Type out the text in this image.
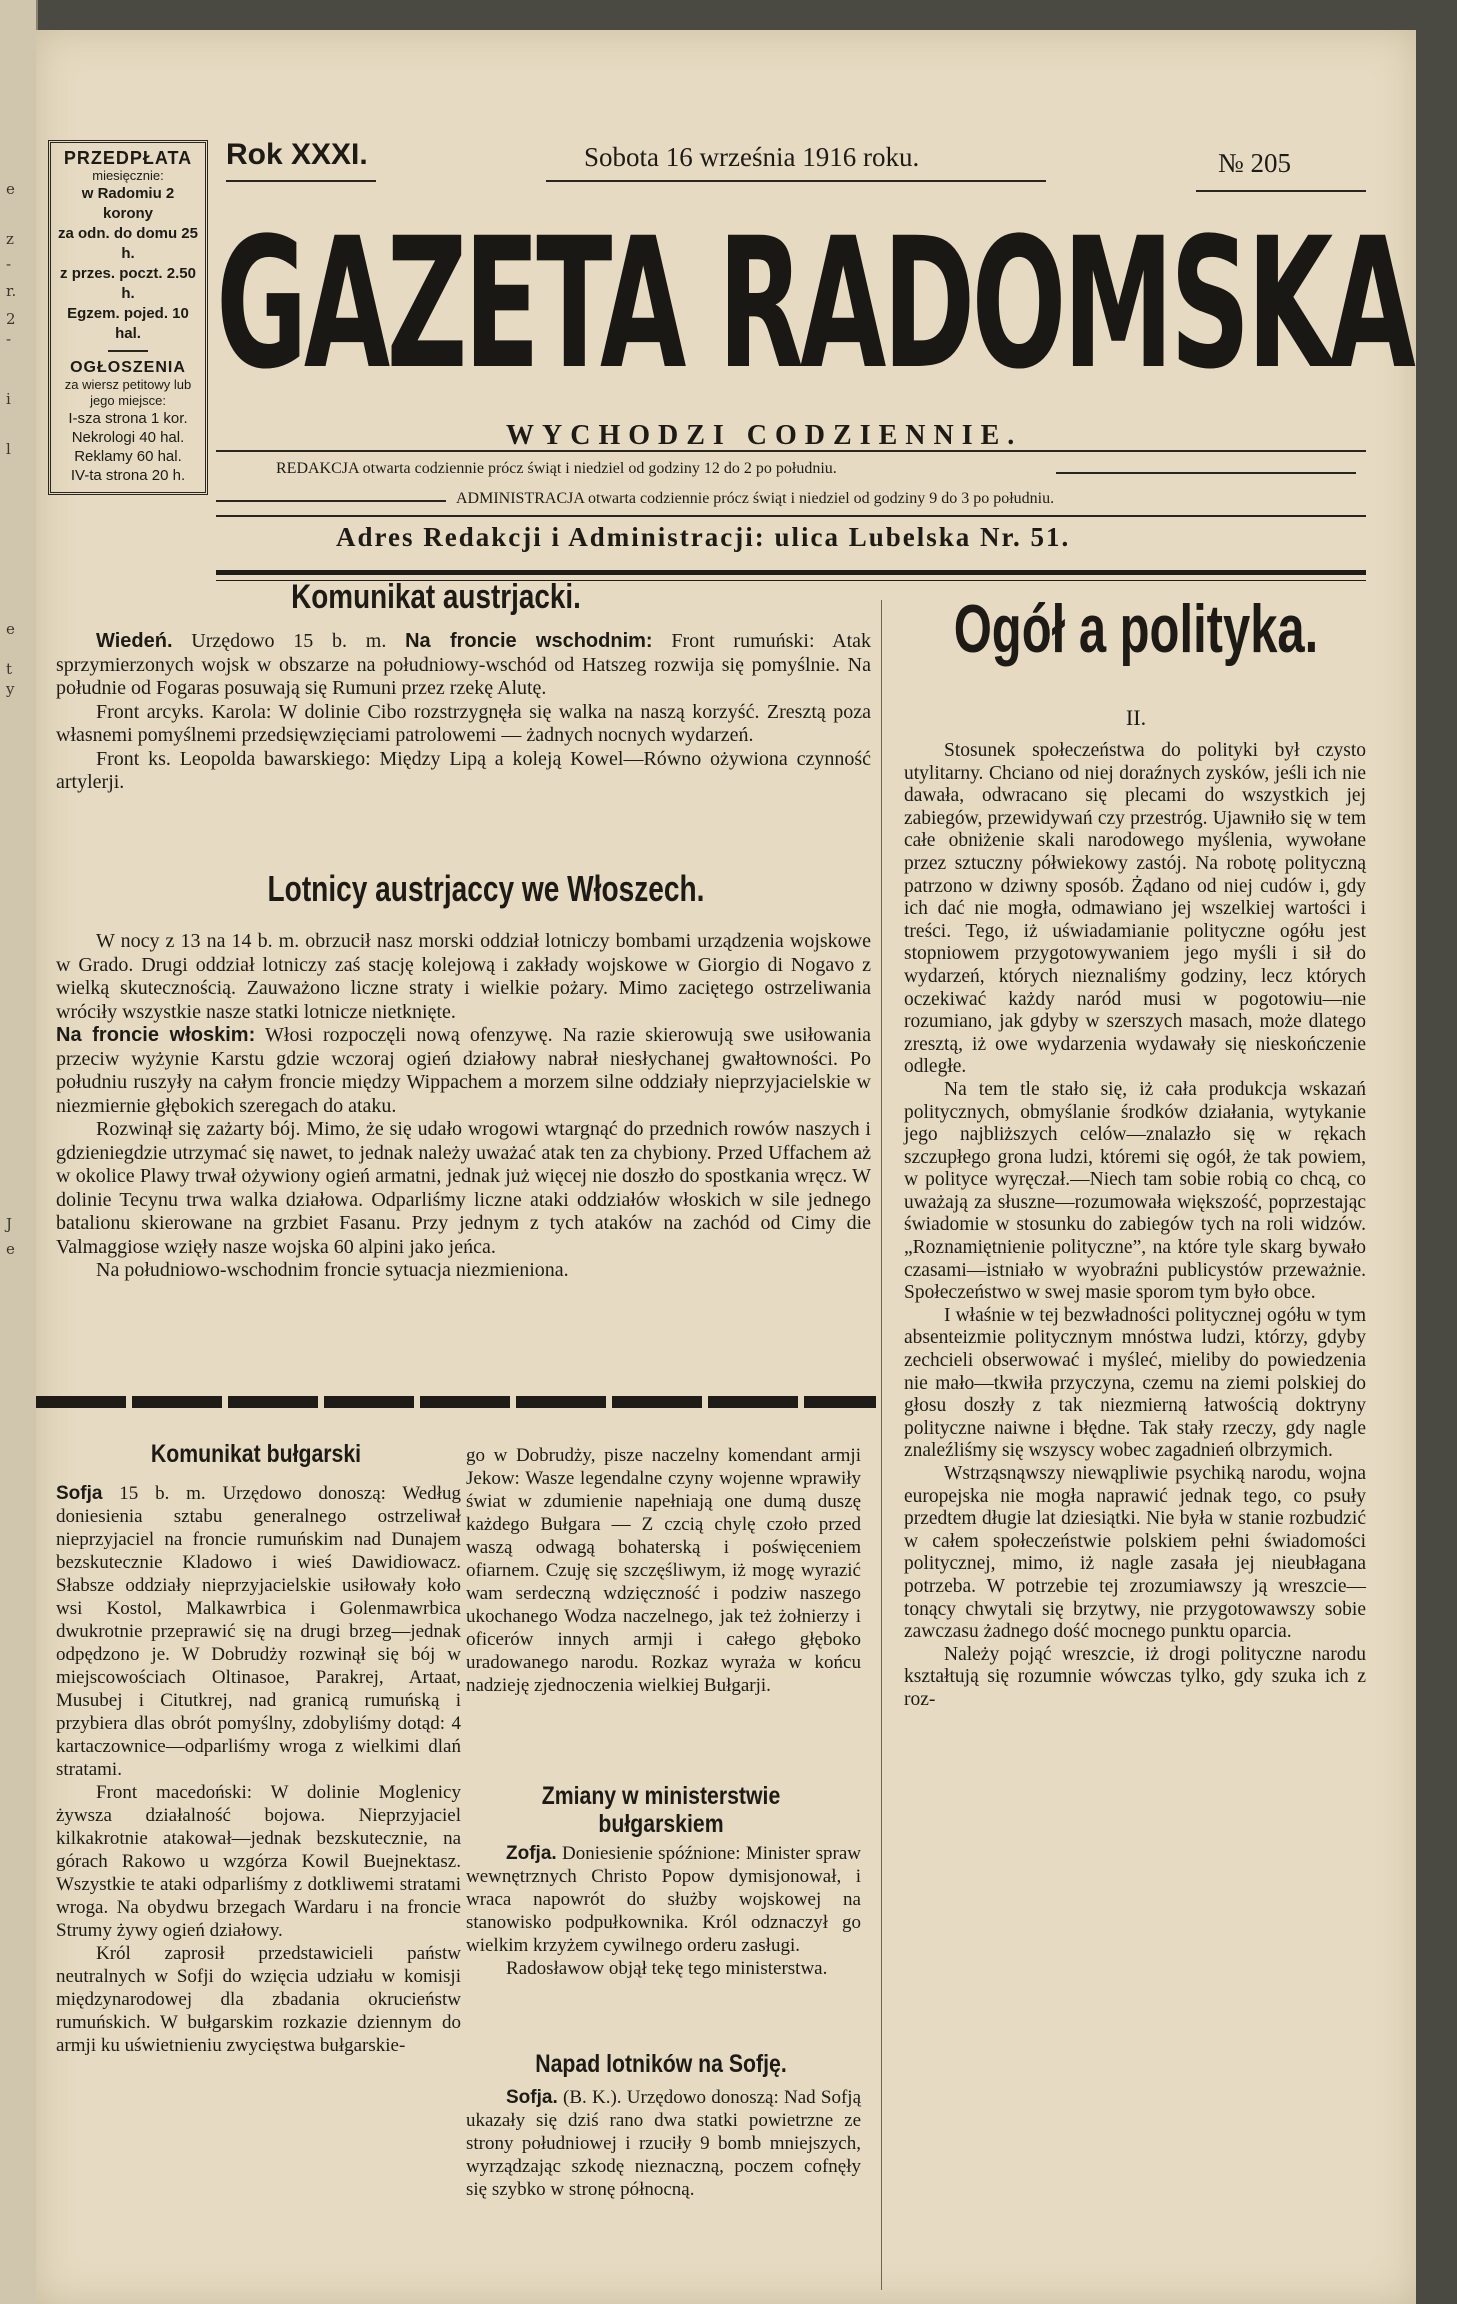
e
z
-
r.
2
-
i
l
e
t
y
J
e
PRZEDPŁATA
miesięcznie:
w Radomiu 2 korony
za odn. do domu 25 h.
z przes. poczt. 2.50 h.
Egzem. pojed. 10 hal.
OGŁOSZENIA
za wiersz petitowy lub jego miejsce:
I-sza strona 1 kor.
Nekrologi 40 hal.
Reklamy 60 hal.
IV-ta strona 20 h.
Rok XXXI.	Sobota 16 września 1916 roku.	№ 205
GAZETA RADOMSKA
WYCHODZI CODZIENNIE.
REDAKCJA otwarta codziennie prócz świąt i niedziel od godziny 12 do 2 po południu.
ADMINISTRACJA otwarta codziennie prócz świąt i niedziel od godziny 9 do 3 po południu.
Adres Redakcji i Administracji: ulica Lubelska Nr. 51.
Komunikat austrjacki.

Wiedeń. Urzędowo 15 b. m. Na froncie wschodnim: Front rumuński: Atak sprzymierzonych wojsk w obszarze na południowy-wschód od Hatszeg rozwija się pomyślnie. Na południe od Fogaras posuwają się Rumuni przez rzekę Alutę.

Front arcyks. Karola: W dolinie Cibo rozstrzygnęła się walka na naszą korzyść. Zresztą poza własnemi pomyślnemi przedsięwzięciami patrolowemi — żadnych nocnych wydarzeń.

Front ks. Leopolda bawarskiego: Między Lipą a koleją Kowel—Równo ożywiona czynność artylerji.

Lotnicy austrjaccy we Włoszech.

W nocy z 13 na 14 b. m. obrzucił nasz morski oddział lotniczy bombami urządzenia wojskowe w Grado. Drugi oddział lotniczy zaś stację kolejową i zakłady wojskowe w Giorgio di Nogavo z wielką skutecznością. Zauważono liczne straty i wielkie pożary. Mimo zaciętego ostrzeliwania wróciły wszystkie nasze statki lotnicze nietknięte.

Na froncie włoskim: Włosi rozpoczęli nową ofenzywę. Na razie skierowują swe usiłowania przeciw wyżynie Karstu gdzie wczoraj ogień działowy nabrał niesłychanej gwałtowności. Po południu ruszyły na całym froncie między Wippachem a morzem silne oddziały nieprzyjacielskie w niezmiernie głębokich szeregach do ataku.

Rozwinął się zażarty bój. Mimo, że się udało wrogowi wtargnąć do przednich rowów naszych i gdzieniegdzie utrzymać się nawet, to jednak należy uważać atak ten za chybiony. Przed Uffachem aż w okolice Plawy trwał ożywiony ogień armatni, jednak już więcej nie doszło do spostkania wręcz. W dolinie Tecynu trwa walka działowa. Odparliśmy liczne ataki oddziałów włoskich w sile jednego batalionu skierowane na grzbiet Fasanu. Przy jednym z tych ataków na zachód od Cimy die Valmaggiose wzięły nasze wojska 60 alpini jako jeńca.

Na południowo-wschodnim froncie sytuacja niezmieniona.

Komunikat bułgarski

Sofja 15 b. m. Urzędowo donoszą: Według doniesienia sztabu generalnego ostrzeliwał nieprzyjaciel na froncie rumuńskim nad Dunajem bezskutecznie Kladowo i wieś Dawidiowacz. Słabsze oddziały nieprzyjacielskie usiłowały koło wsi Kostol, Malkawrbica i Golenmawrbica dwukrotnie przeprawić się na drugi brzeg—jednak odpędzono je. W Dobrudży rozwinął się bój w miejscowościach Oltinasoe, Parakrej, Artaat, Musubej i Citutkrej, nad granicą rumuńską i przybiera dlas obrót pomyślny, zdobyliśmy dotąd: 4 kartaczownice—odparliśmy wroga z wielkimi dlań stratami.

Front macedoński: W dolinie Moglenicy żywsza działalność bojowa. Nieprzyjaciel kilkakrotnie atakował—jednak bezskutecznie, na górach Rakowo u wzgórza Kowil Buejnektasz. Wszystkie te ataki odparliśmy z dotkliwemi stratami wroga. Na obydwu brzegach Wardaru i na froncie Strumy żywy ogień działowy.

Król zaprosił przedstawicieli państw neutralnych w Sofji do wzięcia udziału w komisji międzynarodowej dla zbadania okrucieństw rumuńskich. W bułgarskim rozkazie dziennym do armji ku uświetnieniu zwycięstwa bułgarskie-

go w Dobrudży, pisze naczelny komendant armji Jekow: Wasze legendalne czyny wojenne wprawiły świat w zdumienie napełniają one dumą duszę każdego Bułgara — Z czcią chylę czoło przed waszą odwagą bohaterską i poświęceniem ofiarnem. Czuję się szczęśliwym, iż mogę wyrazić wam serdeczną wdzięczność i podziw naszego ukochanego Wodza naczelnego, jak też żołnierzy i oficerów innych armji i całego głęboko uradowanego narodu. Rozkaz wyraża w końcu nadzieję zjednoczenia wielkiej Bułgarji.

Zmiany w ministerstwie bułgarskiem

Zofja. Doniesienie spóźnione: Minister spraw wewnętrznych Christo Popow dymisjonował, i wraca napowrót do służby wojskowej na stanowisko podpułkownika. Król odznaczył go wielkim krzyżem cywilnego orderu zasługi.

Radosławow objął tekę tego ministerstwa.

Napad lotników na Sofję.

Sofja. (B. K.). Urzędowo donoszą: Nad Sofją ukazały się dziś rano dwa statki powietrzne ze strony południowej i rzuciły 9 bomb mniejszych, wyrządzając szkodę nieznaczną, poczem cofnęły się szybko w stronę północną.

Ogół a polityka.
II.

Stosunek społeczeństwa do polityki był czysto utylitarny. Chciano od niej doraźnych zysków, jeśli ich nie dawała, odwracano się plecami do wszystkich jej zabiegów, przewidywań czy przestróg. Ujawniło się w tem całe obniżenie skali narodowego myślenia, wywołane przez sztuczny półwiekowy zastój. Na robotę polityczną patrzono w dziwny sposób. Żądano od niej cudów i, gdy ich dać nie mogła, odmawiano jej wszelkiej wartości i treści. Tego, iż uświadamianie polityczne ogółu jest stopniowem przygotowywaniem jego myśli i sił do wydarzeń, których nieznaliśmy godziny, lecz których oczekiwać każdy naród musi w pogotowiu—nie rozumiano, jak gdyby w szerszych masach, może dlatego zresztą, iż owe wydarzenia wydawały się nieskończenie odległe.

Na tem tle stało się, iż cała produkcja wskazań politycznych, obmyślanie środków działania, wytykanie jego najbliższych celów—znalazło się w rękach szczupłego grona ludzi, któremi się ogół, że tak powiem, w polityce wyręczał.—Niech tam sobie robią co chcą, co uważają za słuszne—rozumowała większość, poprzestając świadomie w stosunku do zabiegów tych na roli widzów. „Roznamiętnienie polityczne”, na które tyle skarg bywało czasami—istniało w wyobraźni publicystów przeważnie. Społeczeństwo w swej masie sporom tym było obce.

I właśnie w tej bezwładności politycznej ogółu w tym absenteizmie politycznym mnóstwa ludzi, którzy, gdyby zechcieli obserwować i myśleć, mieliby do powiedzenia nie mało—tkwiła przyczyna, czemu na ziemi polskiej do głosu doszły z tak niezmierną łatwością doktryny polityczne naiwne i błędne. Tak stały rzeczy, gdy nagle znaleźliśmy się wszyscy wobec zagadnień olbrzymich.

Wstrząsnąwszy niewąpliwie psychiką narodu, wojna europejska nie mogła naprawić jednak tego, co psuły przedtem długie lat dziesiątki. Nie była w stanie rozbudzić w całem społeczeństwie polskiem pełni świadomości politycznej, mimo, iż nagle zasała jej nieubłagana potrzeba. W potrzebie tej zrozumiawszy ją wreszcie—tonący chwytali się brzytwy, nie przygotowawszy sobie zawczasu żadnego dość mocnego punktu oparcia.

Należy pojąć wreszcie, iż drogi polityczne narodu kształtują się rozumnie wówczas tylko, gdy szuka ich z roz-
